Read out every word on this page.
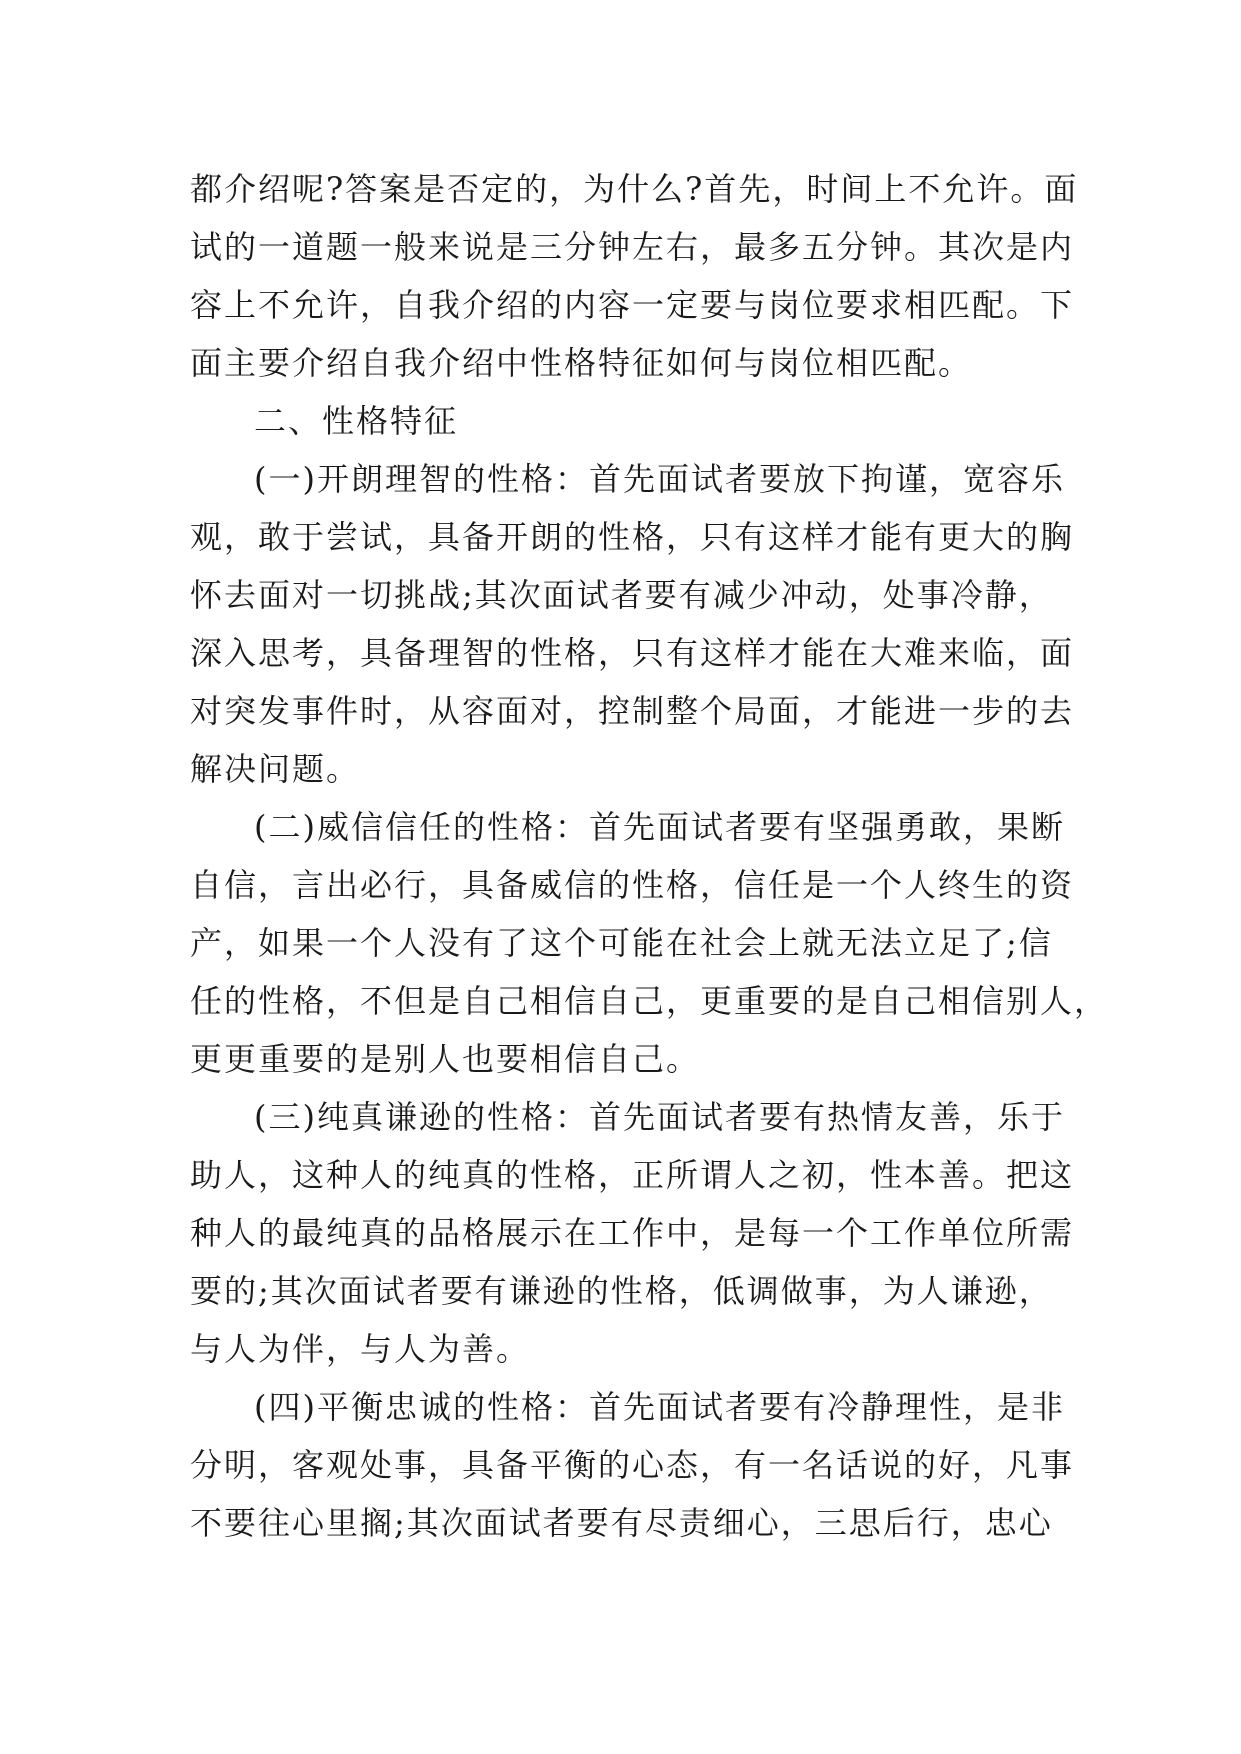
都介绍呢?答案是否定的，为什么?首先，时间上不允许。面
试的一道题一般来说是三分钟左右，最多五分钟。其次是内
容上不允许，自我介绍的内容一定要与岗位要求相匹配。下
面主要介绍自我介绍中性格特征如何与岗位相匹配。
二、性格特征
(一)开朗理智的性格：首先面试者要放下拘谨，宽容乐
观，敢于尝试，具备开朗的性格，只有这样才能有更大的胸
怀去面对一切挑战;其次面试者要有减少冲动，处事冷静，
深入思考，具备理智的性格，只有这样才能在大难来临，面
对突发事件时，从容面对，控制整个局面，才能进一步的去
解决问题。
(二)威信信任的性格：首先面试者要有坚强勇敢，果断
自信，言出必行，具备威信的性格，信任是一个人终生的资
产，如果一个人没有了这个可能在社会上就无法立足了;信
任的性格，不但是自己相信自己，更重要的是自己相信别人，
更更重要的是别人也要相信自己。
(三)纯真谦逊的性格：首先面试者要有热情友善，乐于
助人，这种人的纯真的性格，正所谓人之初，性本善。把这
种人的最纯真的品格展示在工作中，是每一个工作单位所需
要的;其次面试者要有谦逊的性格，低调做事，为人谦逊，
与人为伴，与人为善。
(四)平衡忠诚的性格：首先面试者要有冷静理性，是非
分明，客观处事，具备平衡的心态，有一名话说的好，凡事
不要往心里搁;其次面试者要有尽责细心，三思后行，忠心
